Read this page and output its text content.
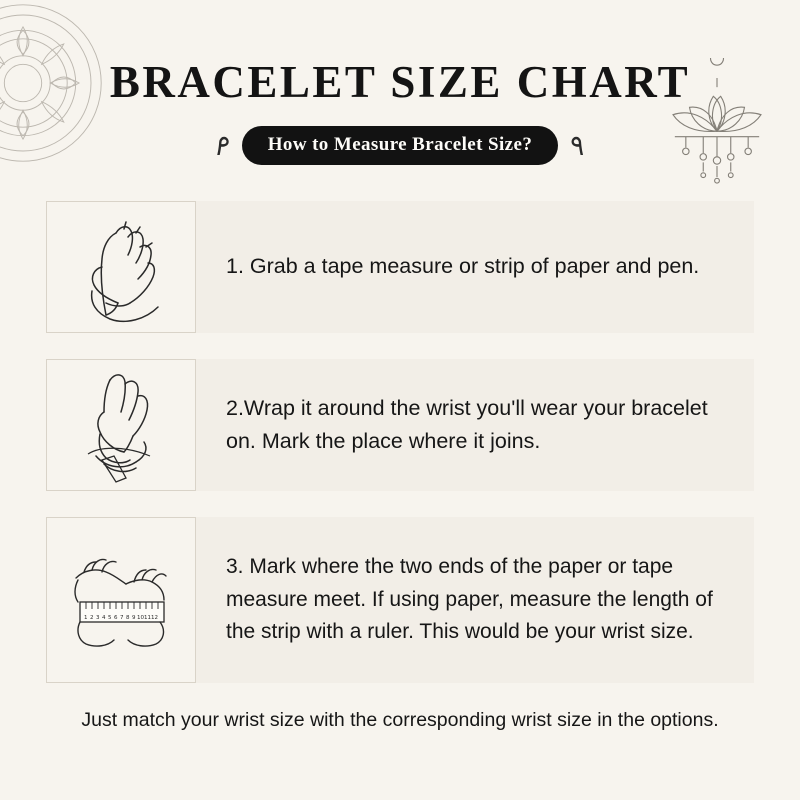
BRACELET SIZE CHART
٩	How to Measure Bracelet Size?	٩
1. Grab a tape measure or strip of paper and pen.
2.Wrap it around the wrist you'll wear your bracelet on. Mark the place where it joins.
1 2 3 4 5 6 7 8 9 10 11 12
3. Mark where the two ends of the paper or tape measure meet. If using paper, measure the length of the strip with a ruler. This would be your wrist size.
Just match your wrist size with the corresponding wrist size in the options.
